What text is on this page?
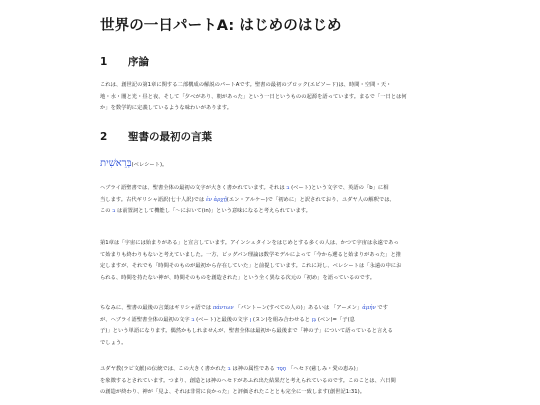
世界の一日パートA: はじめのはじめ
1 序論
これは、創世記の第1章に関する二部構成の解説のパートAです。聖書の最初のブロック(エピソード)は、時間・空間・天・
地・水・闇と光・昼と夜、そして「夕べがあり、朝があった」という一日というものの起源を語っています。まるで「一日とは何
か」を数学的に定義しているような味わいがあります。
2 聖書の最初の言葉
בְּרֵאשִׁית(ベレシート)。
ヘブライ語聖書では、聖書全体の最初の文字が大きく書かれています。それは ב (ベート)という文字で、英語の「b」に相
当します。古代ギリシャ語訳(七十人訳)では ἐν ἀρχῇ(エン・アルケー)で「初めに」と訳されており、ユダヤ人の解釈では、
この ב は前置詞として機能し「〜において(in)」という意味になると考えられています。
第1章は「宇宙には始まりがある」と宣言しています。アインシュタインをはじめとする多くの人は、かつて宇宙は永遠であっ
て始まりも終わりもないと考えていました。一方、ビッグバン理論は数学モデルによって「今から遡ると始まりがあった」と推
定しますが、それでも「時間そのものが最初から存在していた」と前提しています。これに対し、ベレシートは「永遠の中にお
られる、時間を持たない神が、時間そのものを創造された」という全く異なる次元の「初め」を語っているのです。
ちなみに、聖書の最後の言葉はギリシャ語では πάντων 「パントーン(すべての人の)」あるいは 「アーメン」ἀμήν です
が、ヘブライ語聖書全体の最初の文字 ב (ベート)と最後の文字 ן (ヌン)を組み合わせると בֵּן (ベン)=「子(息
子)」という単語になります。偶然かもしれませんが、聖書全体は最初から最後まで「神の子」について語っていると言える
でしょう。
ユダヤ教(ラビ文献)の伝統では、この大きく書かれた ב は神の属性である חֶסֶד 「ヘセド(慈しみ・愛の恵み)」
を象徴するとされています。つまり、創造とは神のヘセドがあふれ出た結果だと考えられているのです。このことは、六日間
の創造が終わり、神が「見よ、それは非常に良かった」と評価されたこととも完全に一致します(創世記1:31)。
